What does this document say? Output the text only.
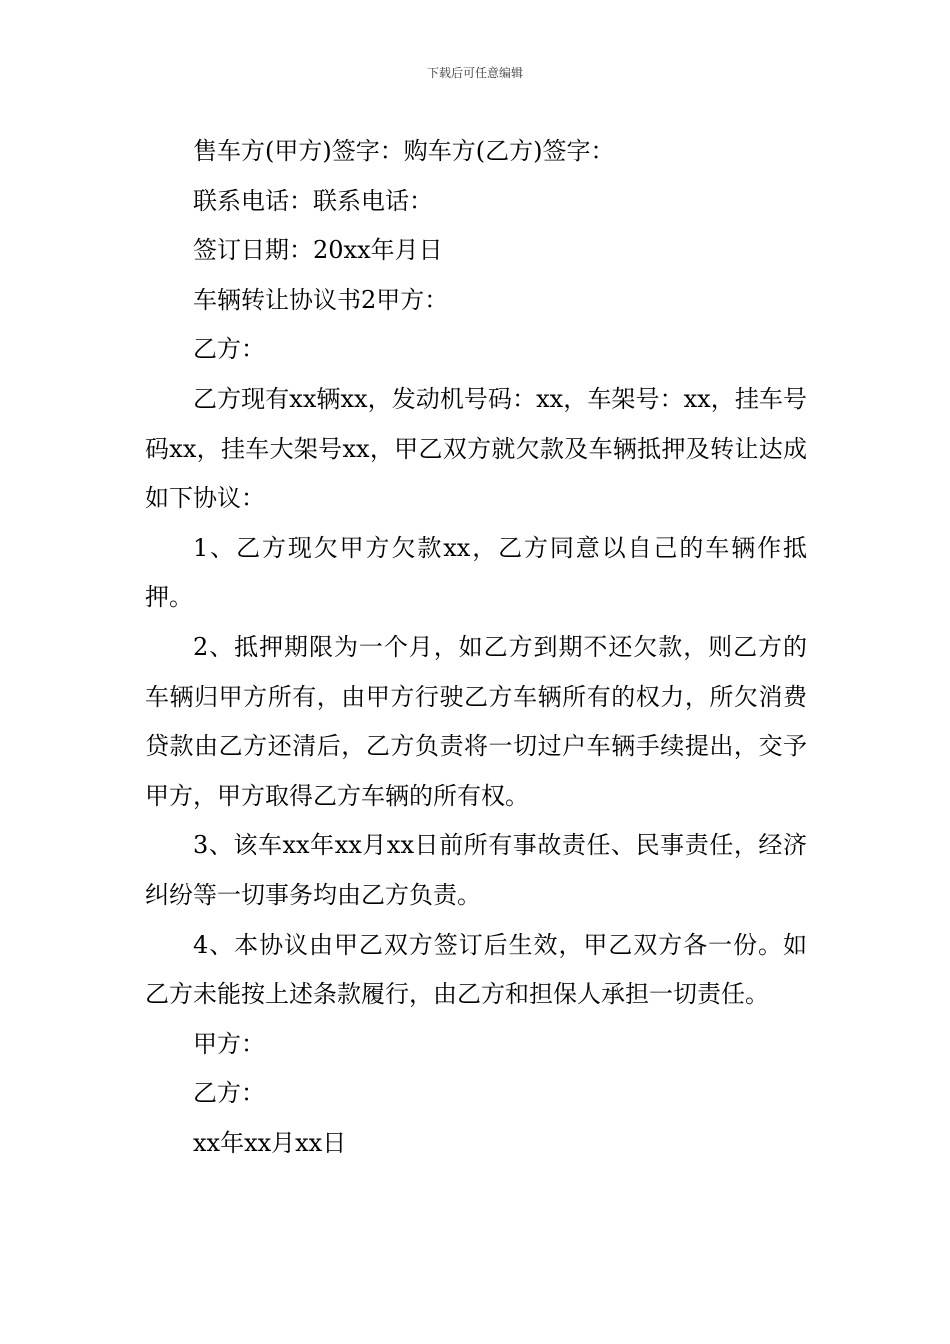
下载后可任意编辑
售车方(甲方)签字：购车方(乙方)签字：
联系电话：联系电话：
签订日期：20xx年月日
车辆转让协议书2甲方：
乙方：

乙方现有xx辆xx，发动机号码：xx，车架号：xx，挂车号码xx，挂车大架号xx，甲乙双方就欠款及车辆抵押及转让达成如下协议：

1、乙方现欠甲方欠款xx，乙方同意以自己的车辆作抵押。

2、抵押期限为一个月，如乙方到期不还欠款，则乙方的车辆归甲方所有，由甲方行驶乙方车辆所有的权力，所欠消费贷款由乙方还清后，乙方负责将一切过户车辆手续提出，交予甲方，甲方取得乙方车辆的所有权。

3、该车xx年xx月xx日前所有事故责任、民事责任，经济纠纷等一切事务均由乙方负责。

4、本协议由甲乙双方签订后生效，甲乙双方各一份。如乙方未能按上述条款履行，由乙方和担保人承担一切责任。

甲方：
乙方：
xx年xx月xx日
